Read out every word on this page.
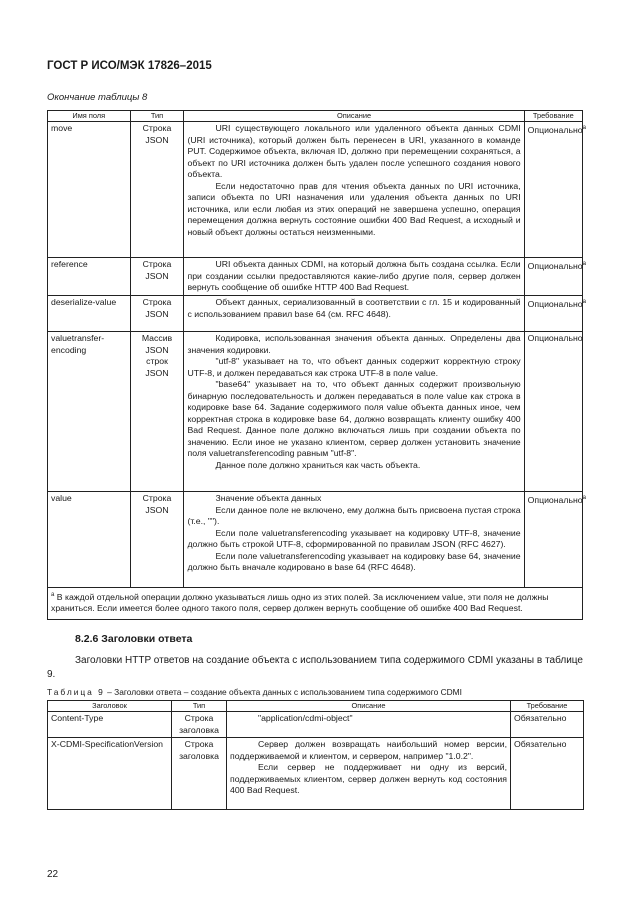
ГОСТ Р ИСО/МЭК 17826–2015
Окончание таблицы 8
Имя поля	Тип	Описание	Требование
move	Строка JSON	URI существующего локального или удаленного объекта данных CDMI (URI источника), который должен быть перенесен в URI, указанного в команде PUT. Содержимое объекта, включая ID, должно при перемещении сохраняться, а объект по URI источника должен быть удален после успешного создания нового объекта.

Если недостаточно прав для чтения объекта данных по URI источника, записи объекта по URI назначения или удаления объекта данных по URI источника, или если любая из этих операций не завершена успешно, операция перемещения должна вернуть состояние ошибки 400 Bad Request, а исходный и новый объект должны остаться неизменными.	Опционально$^a$
reference	Строка JSON	URI объекта данных CDMI, на который должна быть создана ссылка. Если при создании ссылки предоставляются какие-либо другие поля, сервер должен вернуть сообщение об ошибке HTTP 400 Bad Request.	Опционально$^a$
deserialize-value	Строка JSON	Объект данных, сериализованный в соответствии с гл. 15 и кодированный с использованием правил base 64 (см. RFC 4648).	Опционально$^a$
valuetransfer-encoding	Массив JSON строк JSON	Кодировка, использованная значения объекта данных. Определены два значения кодировки.

"utf-8" указывает на то, что объект данных содержит корректную строку UTF-8, и должен передаваться как строка UTF-8 в поле value.

"base64" указывает на то, что объект данных содержит произвольную бинарную последовательность и должен передаваться в поле value как строка в кодировке base 64. Задание содержимого поля value объекта данных иное, чем корректная строка в кодировке base 64, должно возвращать клиенту ошибку 400 Bad Request. Данное поле должно включаться лишь при создании объекта по значению. Если иное не указано клиентом, сервер должен установить значение поля valuetransferencoding равным "utf-8".

Данное поле должно храниться как часть объекта.	Опционально
value	Строка JSON	Значение объекта данных

Если данное поле не включено, ему должна быть присвоена пустая строка (т.е., "").

Если поле valuetransferencoding указывает на кодировку UTF-8, значение должно быть строкой UTF-8, сформированной по правилам JSON (RFC 4627).

Если поле valuetransferencoding указывает на кодировку base 64, значение должно быть вначале кодировано в base 64 (RFC 4648).	Опционально$^a$
$^a$ В каждой отдельной операции должно указываться лишь одно из этих полей. За исключением value, эти поля не должны храниться. Если имеется более одного такого поля, сервер должен вернуть сообщение об ошибке 400 Bad Request.			
8.2.6 Заголовки ответа

Заголовки HTTP ответов на создание объекта с использованием типа содержимого CDMI указаны в таблице 9.

Таблица 9 – Заголовки ответа – создание объекта данных с использованием типа содержимого CDMI
Заголовок	Тип	Описание	Требование
Content-Type	Строка заголовка	"application/cdmi-object"	Обязательно
X-CDMI-SpecificationVersion	Строка заголовка	Сервер должен возвращать наибольший номер версии, поддерживаемой и клиентом, и сервером, например "1.0.2".

Если сервер не поддерживает ни одну из версий, поддерживаемых клиентом, сервер должен вернуть код состояния 400 Bad Request.	Обязательно
22
